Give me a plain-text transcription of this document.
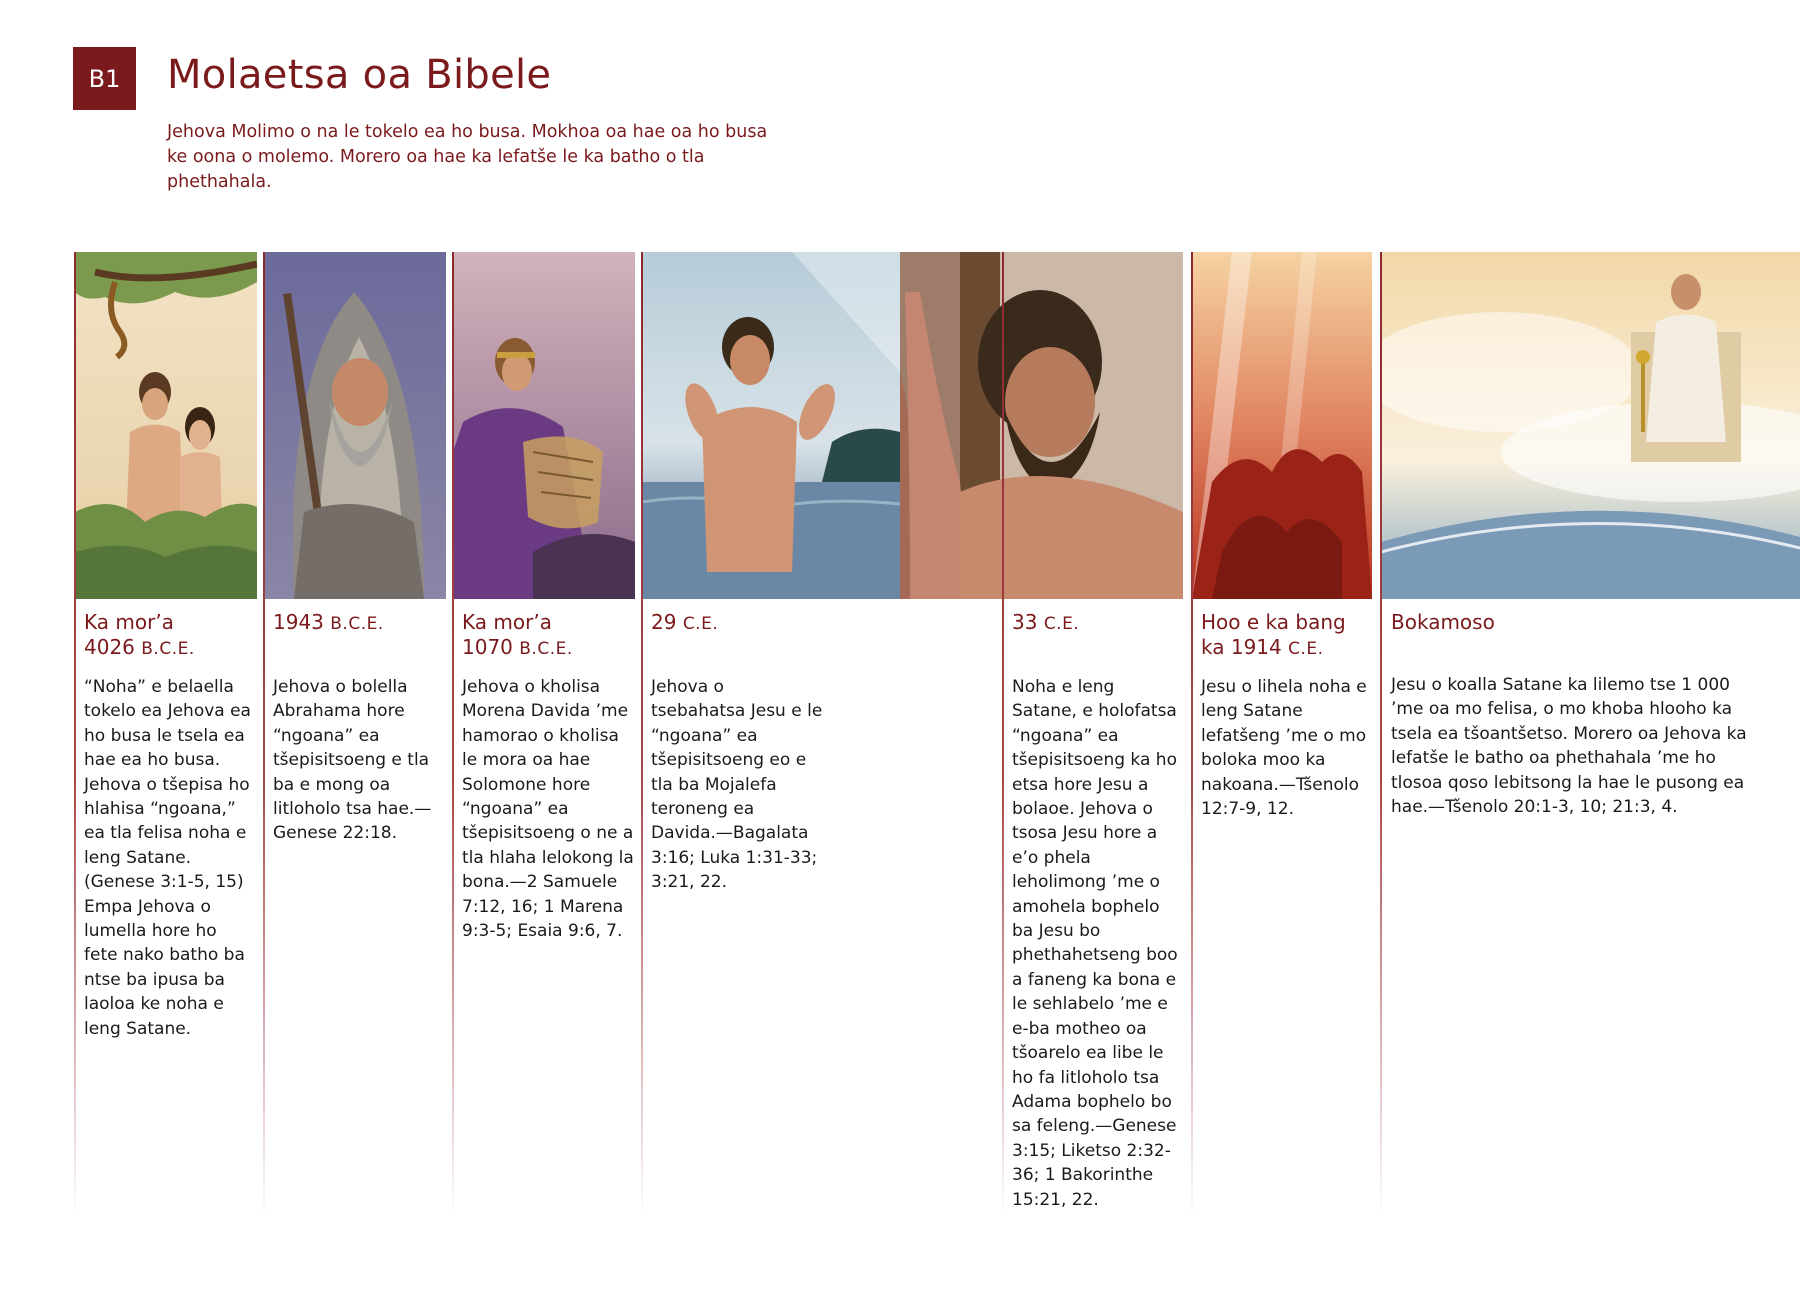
B1	Molaetsa oa Bibele

Jehova Molimo o na le tokelo ea ho busa. Mokhoa oa hae oa ho busa ke oona o molemo. Morero oa hae ka lefatše le ka batho o tla phethahala.

Ka mor’a
4026 B.C.E.

“Noha” e belaella tokelo ea Jehova ea ho busa le tsela ea hae ea ho busa. Jehova o tšepisa ho hlahisa “ngoana,” ea tla felisa noha e leng Satane. (Genese 3:1-5, 15) Empa Jehova o lumella hore ho fete nako batho ba ntse ba ipusa ba laoloa ke noha e leng Satane.

1943 B.C.E.

Jehova o bolella Abrahama hore “ngoana” ea tšepisitsoeng e tla ba e mong oa litloholo tsa hae.—Genese 22:18.

Ka mor’a
1070 B.C.E.

Jehova o kholisa Morena Davida ’me hamorao o kholisa le mora oa hae Solomone hore “ngoana” ea tšepisitsoeng o ne a tla hlaha lelokong la bona.—2 Samuele 7:12, 16; 1 Marena 9:3-5; Esaia 9:6, 7.

29 C.E.

Jehova o tsebahatsa Jesu e le “ngoana” ea tšepisitsoeng eo e tla ba Mojalefa teroneng ea Davida.—Bagalata 3:16; Luka 1:31-33; 3:21, 22.

33 C.E.

Noha e leng Satane, e holofatsa “ngoana” ea tšepisitsoeng ka ho etsa hore Jesu a bolaoe. Jehova o tsosa Jesu hore a e’o phela leholimong ’me o amohela bophelo ba Jesu bo phethahetseng boo a faneng ka bona e le sehlabelo ’me e e-ba motheo oa tšoarelo ea libe le ho fa litloholo tsa Adama bophelo bo sa feleng.—Genese 3:15; Liketso 2:32-36; 1 Bakorinthe 15:21, 22.

Hoo e ka bang
ka 1914 C.E.

Jesu o lihela noha e leng Satane lefatšeng ’me o mo boloka moo ka nakoana.—Tšenolo 12:7-9, 12.

Bokamoso

Jesu o koalla Satane ka lilemo tse 1 000 ’me oa mo felisa, o mo khoba hlooho ka tsela ea tšoantšetso. Morero oa Jehova ka lefatše le batho oa phethahala ’me ho tlosoa qoso lebitsong la hae le pusong ea hae.—Tšenolo 20:1-3, 10; 21:3, 4.
